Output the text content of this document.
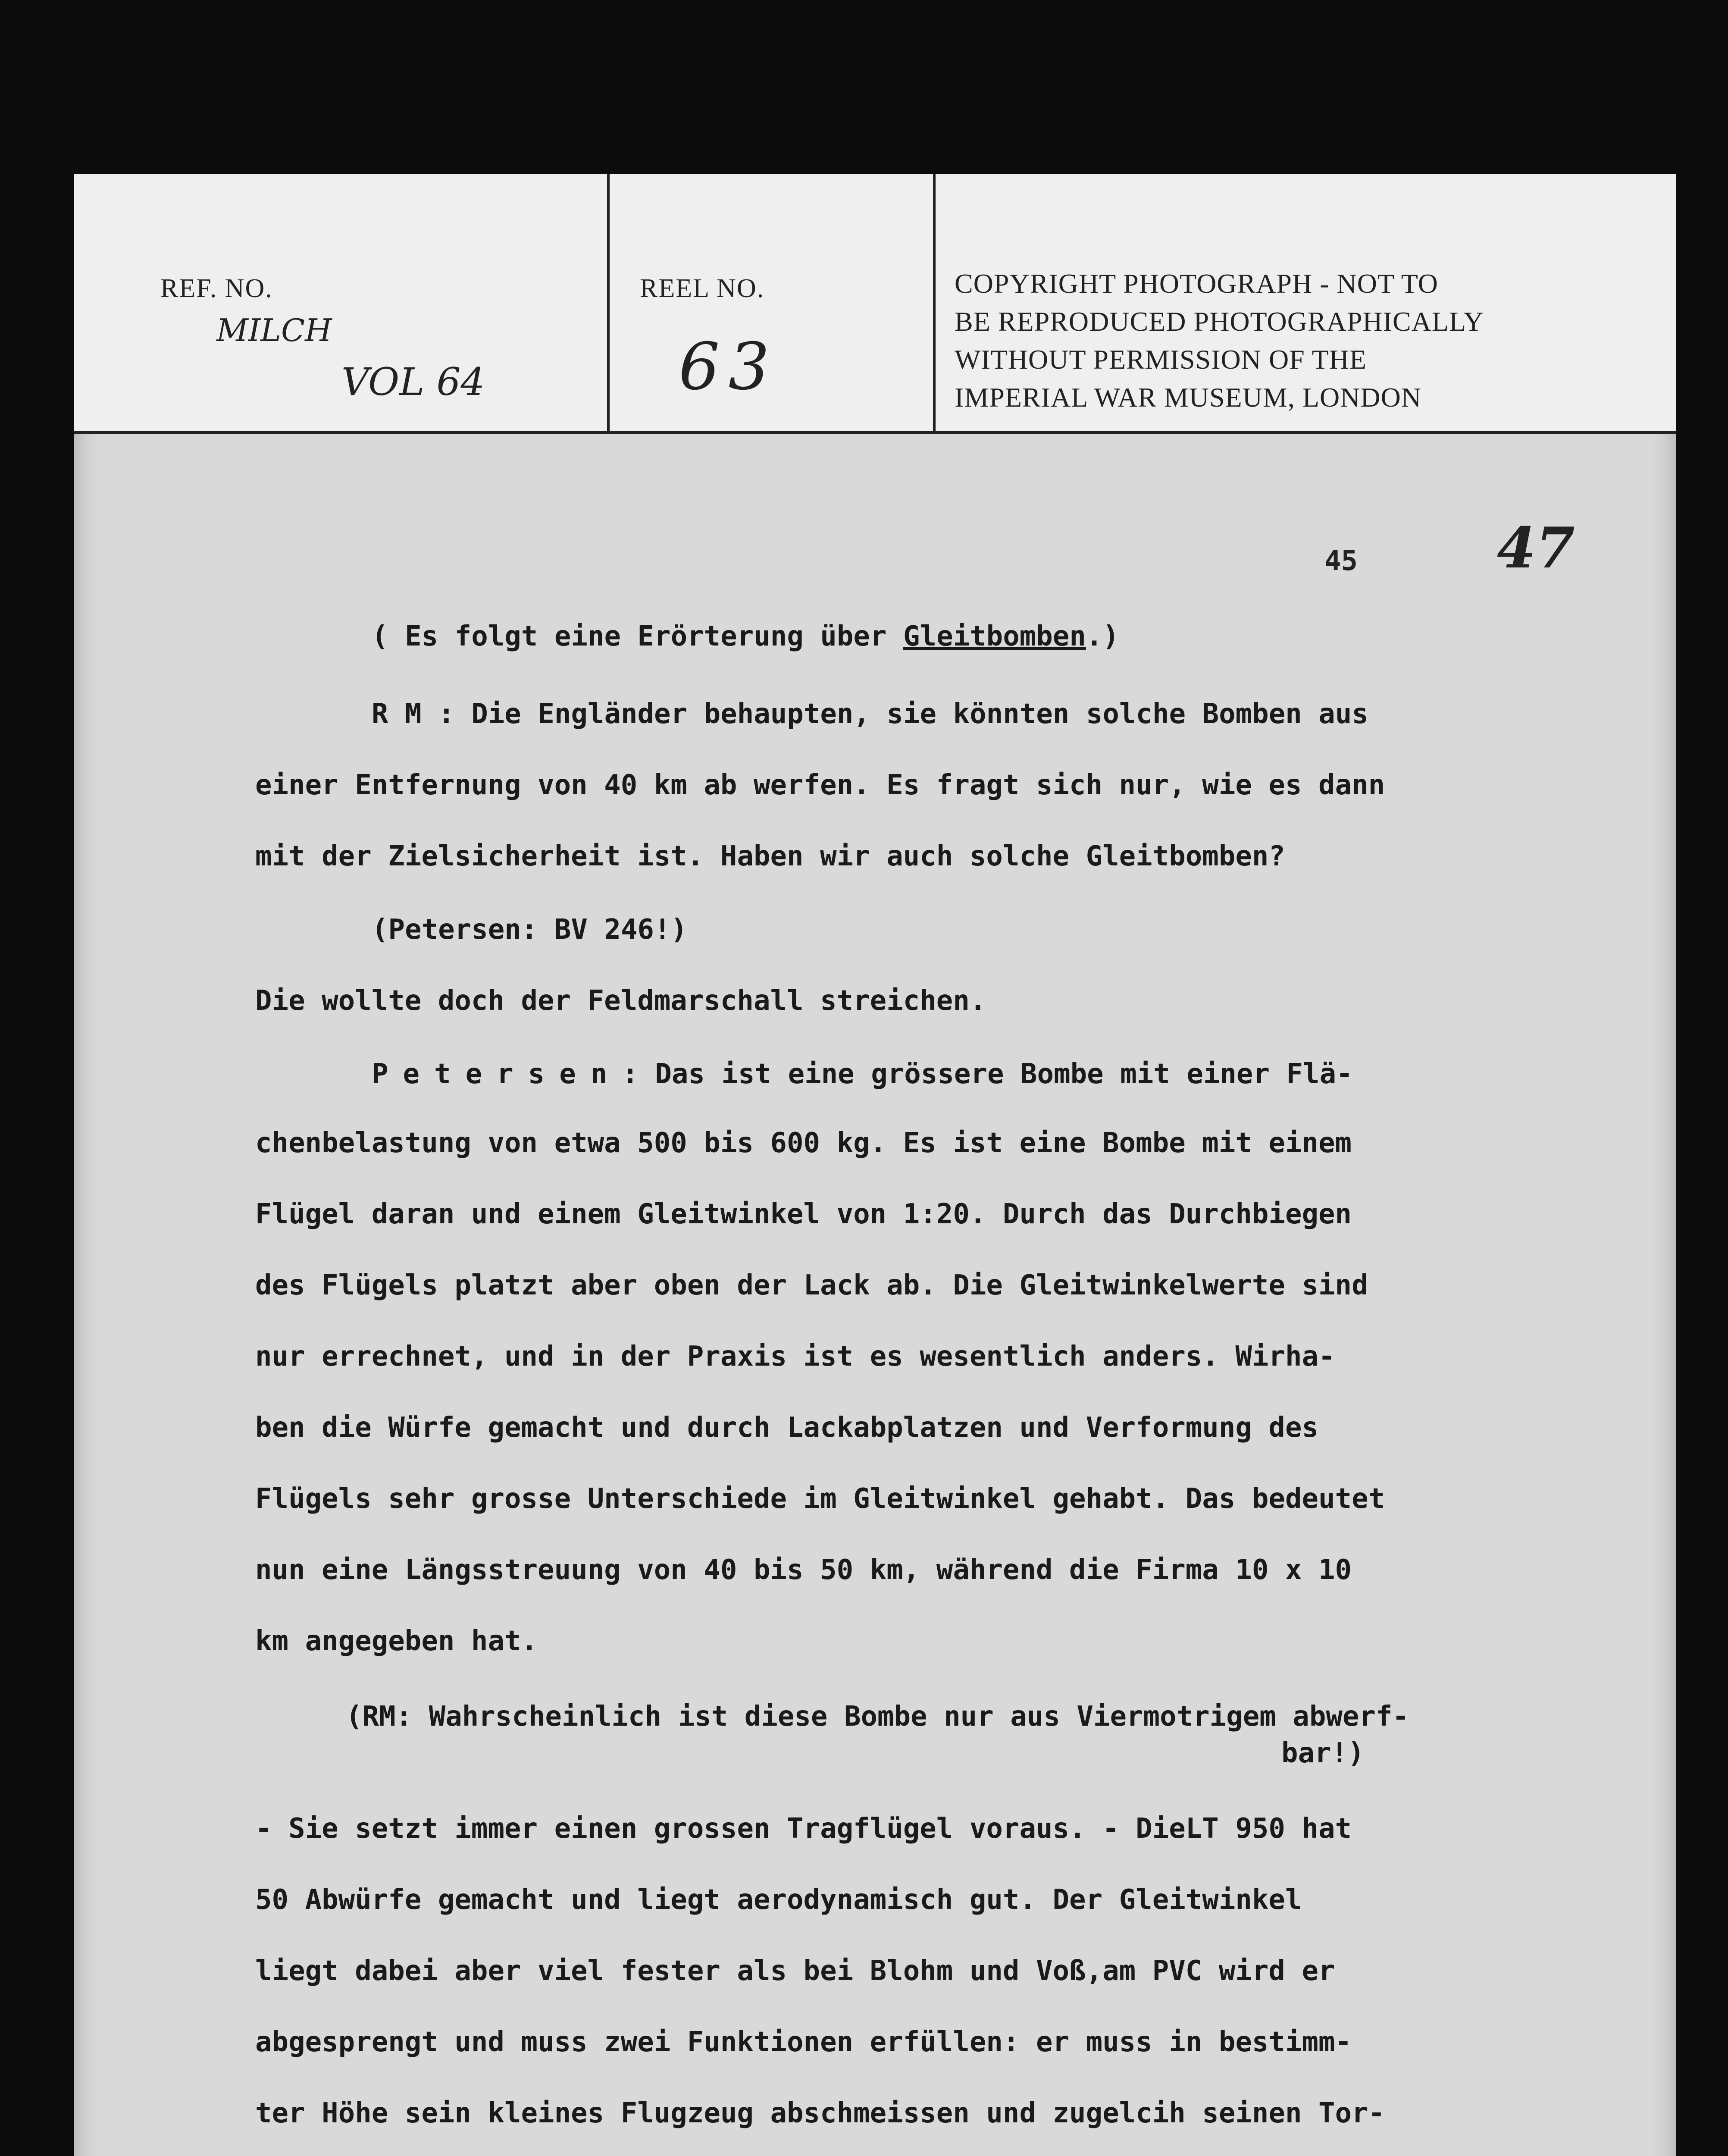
REF. NO.
MILCH
VOL 64
REEL NO.
63
COPYRIGHT PHOTOGRAPH - NOT TO
BE REPRODUCED PHOTOGRAPHICALLY
WITHOUT PERMISSION OF THE
IMPERIAL WAR MUSEUM, LONDON
45 47
( Es folgt eine Erörterung über Gleitbomben.)
R M : Die Engländer behaupten, sie könnten solche Bomben aus
einer Entfernung von 40 km ab werfen. Es fragt sich nur, wie es dann
mit der Zielsicherheit ist. Haben wir auch solche Gleitbomben?
(Petersen: BV 246!)
Die wollte doch der Feldmarschall streichen.
Petersen: Das ist eine grössere Bombe mit einer Flä-
chenbelastung von etwa 500 bis 600 kg. Es ist eine Bombe mit einem
Flügel daran und einem Gleitwinkel von 1:20. Durch das Durchbiegen
des Flügels platzt aber oben der Lack ab. Die Gleitwinkelwerte sind
nur errechnet, und in der Praxis ist es wesentlich anders. Wirha-
ben die Würfe gemacht und durch Lackabplatzen und Verformung des
Flügels sehr grosse Unterschiede im Gleitwinkel gehabt. Das bedeutet
nun eine Längsstreuung von 40 bis 50 km, während die Firma 10 x 10
km angegeben hat.
(RM: Wahrscheinlich ist diese Bombe nur aus Viermotrigem abwerf-
bar!)
- Sie setzt immer einen grossen Tragflügel voraus. - DieLT 950 hat
50 Abwürfe gemacht und liegt aerodynamisch gut. Der Gleitwinkel
liegt dabei aber viel fester als bei Blohm und Voß,am PVC wird er
abgesprengt und muss zwei Funktionen erfüllen: er muss in bestimm-
ter Höhe sein kleines Flugzeug abschmeissen und zugelcih seinen Tor-
